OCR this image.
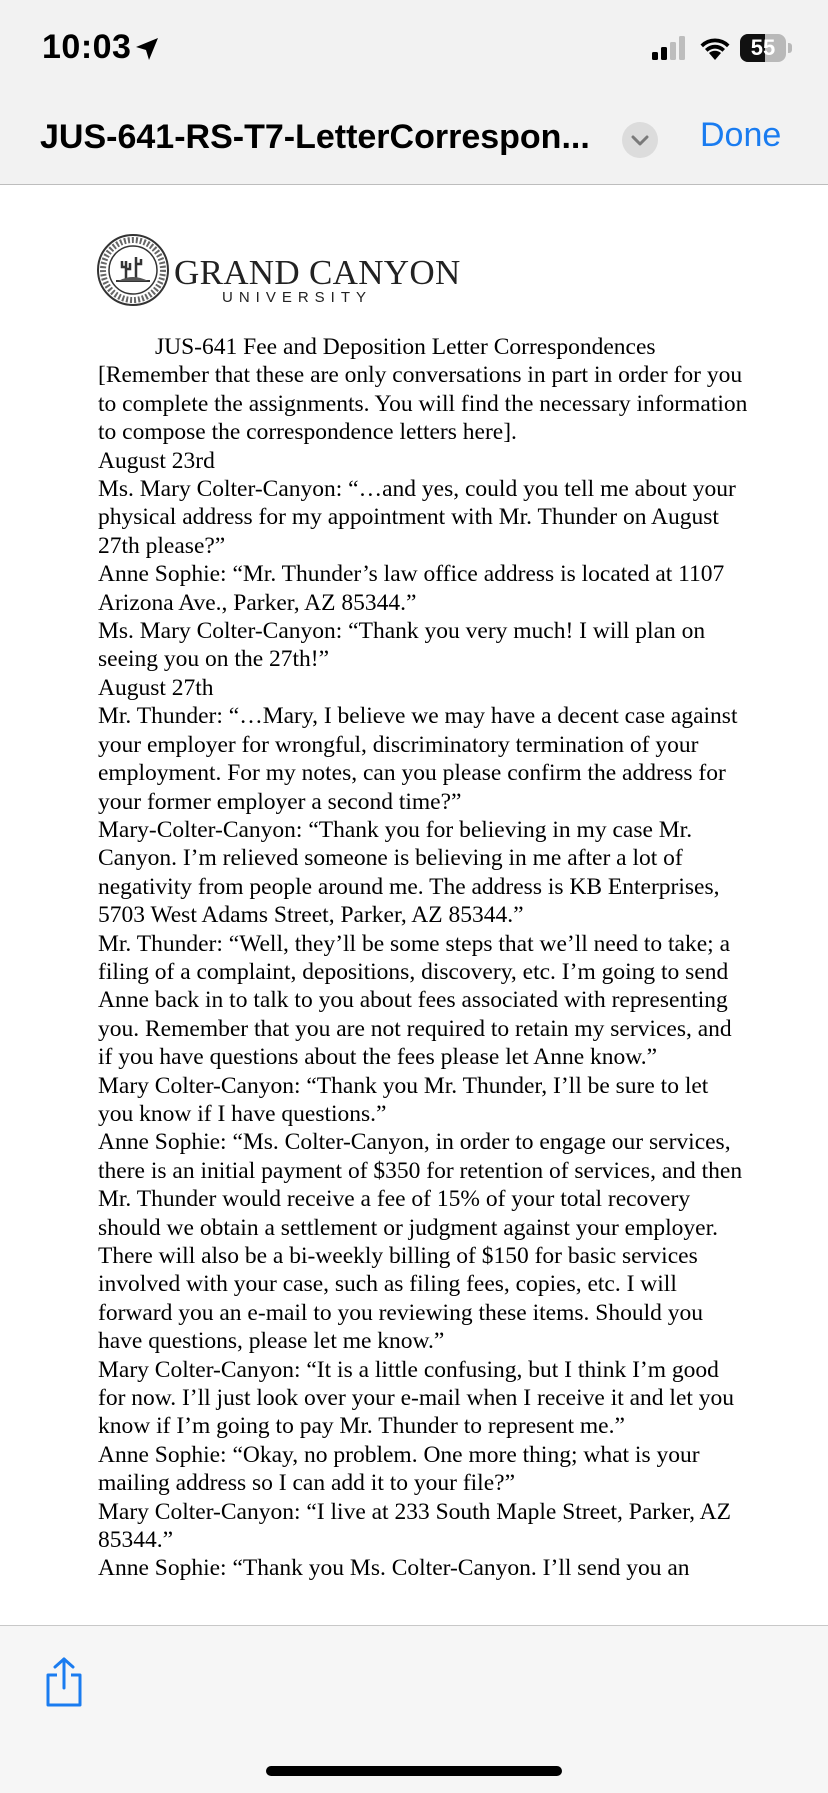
10:03	55
JUS-641-RS-T7-LetterCorrespon...	Done
GRAND CANYON
UNIVERSITY

JUS-641 Fee and Deposition Letter Correspondences

[Remember that these are only conversations in part in order for you to complete the assignments. You will find the necessary information to compose the correspondence letters here].

August 23rd

Ms. Mary Colter-Canyon: “…and yes, could you tell me about your physical address for my appointment with Mr. Thunder on August 27th please?”

Anne Sophie: “Mr. Thunder’s law office address is located at 1107 Arizona Ave., Parker, AZ 85344.”

Ms. Mary Colter-Canyon: “Thank you very much! I will plan on seeing you on the 27th!”

August 27th

Mr. Thunder: “…Mary, I believe we may have a decent case against your employer for wrongful, discriminatory termination of your employment. For my notes, can you please confirm the address for your former employer a second time?”

Mary-Colter-Canyon: “Thank you for believing in my case Mr. Canyon. I’m relieved someone is believing in me after a lot of negativity from people around me. The address is KB Enterprises, 5703 West Adams Street, Parker, AZ 85344.”

Mr. Thunder: “Well, they’ll be some steps that we’ll need to take; a filing of a complaint, depositions, discovery, etc. I’m going to send Anne back in to talk to you about fees associated with representing you. Remember that you are not required to retain my services, and if you have questions about the fees please let Anne know.”

Mary Colter-Canyon: “Thank you Mr. Thunder, I’ll be sure to let you know if I have questions.”

Anne Sophie: “Ms. Colter-Canyon, in order to engage our services, there is an initial payment of $350 for retention of services, and then Mr. Thunder would receive a fee of 15% of your total recovery should we obtain a settlement or judgment against your employer. There will also be a bi-weekly billing of $150 for basic services involved with your case, such as filing fees, copies, etc. I will forward you an e-mail to you reviewing these items. Should you have questions, please let me know.”

Mary Colter-Canyon: “It is a little confusing, but I think I’m good for now. I’ll just look over your e-mail when I receive it and let you know if I’m going to pay Mr. Thunder to represent me.”

Anne Sophie: “Okay, no problem. One more thing; what is your mailing address so I can add it to your file?”

Mary Colter-Canyon: “I live at 233 South Maple Street, Parker, AZ 85344.”

Anne Sophie: “Thank you Ms. Colter-Canyon. I’ll send you an
